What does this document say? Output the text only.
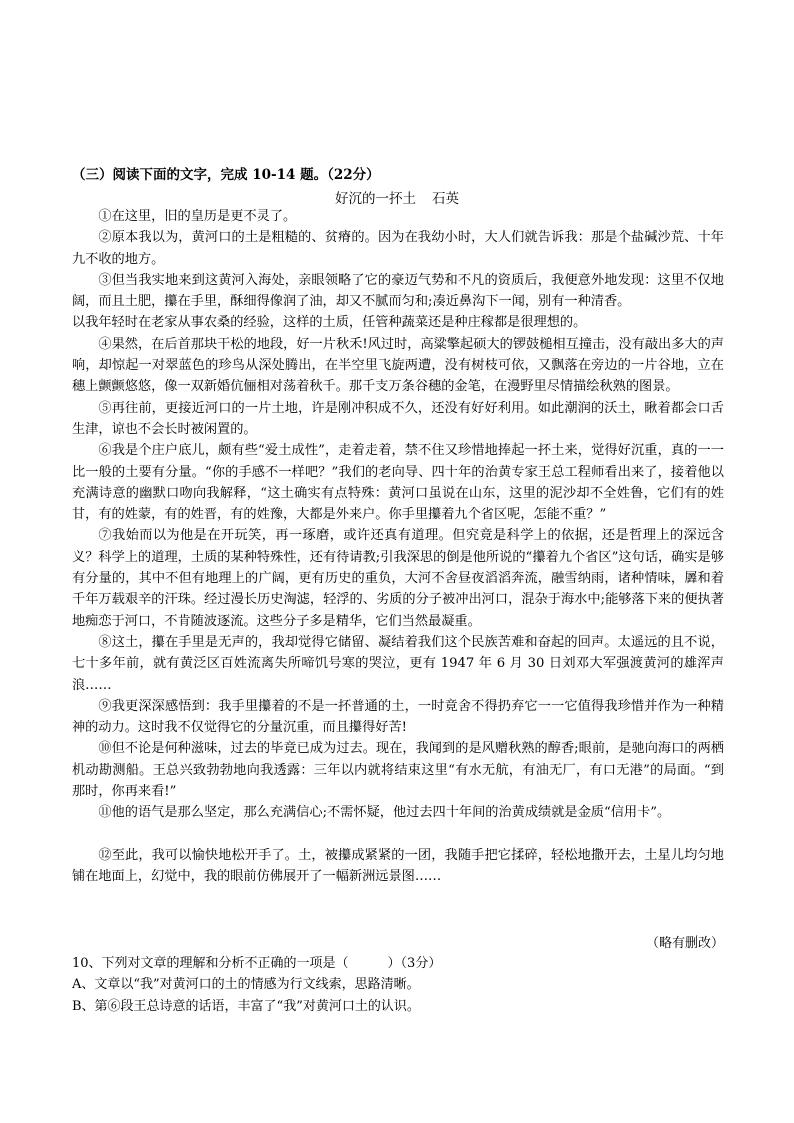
（三）阅读下面的文字，完成 10-14 题。（22分）
好沉的一抔土 石英

①在这里，旧的皇历是更不灵了。

②原本我以为，黄河口的土是粗糙的、贫瘠的。因为在我幼小时，大人们就告诉我：那是个盐碱沙荒、十年九不收的地方。

③但当我实地来到这黄河入海处，亲眼领略了它的豪迈气势和不凡的资质后，我便意外地发现：这里不仅地阔，而且土肥，攥在手里，酥细得像润了油，却又不腻而匀和;凑近鼻沟下一闻，别有一种清香。

以我年轻时在老家从事农桑的经验，这样的土质，任管种蔬菜还是种庄稼都是很理想的。

④果然，在后首那块干松的地段，好一片秋禾!风过时，高粱擎起硕大的锣鼓槌相互撞击，没有敲出多大的声响，却惊起一对翠蓝色的珍鸟从深处腾出，在半空里飞旋两遭，没有树枝可依，又飘落在旁边的一片谷地，立在穗上颤颤悠悠，像一双新婚伉俪相对荡着秋千。那千支万条谷穗的金笔，在漫野里尽情描绘秋熟的图景。

⑤再往前，更接近河口的一片土地，许是刚冲积成不久，还没有好好利用。如此潮润的沃土，瞅着都会口舌生津，谅也不会长时被闲置的。

⑥我是个庄户底儿，颇有些“爱土成性”，走着走着，禁不住又珍惜地捧起一抔土来，觉得好沉重，真的一一比一般的土要有分量。“你的手感不一样吧？”我们的老向导、四十年的治黄专家王总工程师看出来了，接着他以充满诗意的幽默口吻向我解释，“这土确实有点特殊：黄河口虽说在山东，这里的泥沙却不全姓鲁，它们有的姓甘，有的姓蒙，有的姓晋，有的姓豫，大都是外来户。你手里攥着九个省区呢，怎能不重？”

⑦我始而以为他是在开玩笑，再一琢磨，或许还真有道理。但究竟是科学上的依据，还是哲理上的深远含义？科学上的道理，土质的某种特殊性，还有待请教;引我深思的倒是他所说的“攥着九个省区”这句话，确实是够有分量的，其中不但有地理上的广阔，更有历史的重负，大河不舍昼夜滔滔奔流，融雪纳雨，诸种情味，羼和着千年万载艰辛的汗珠。经过漫长历史淘滤，轻浮的、劣质的分子被冲出河口，混杂于海水中;能够落下来的便执著地痴恋于河口，不肯随波逐流。这些分子多是精华，它们当然最凝重。

⑧这土，攥在手里是无声的，我却觉得它储留、凝结着我们这个民族苦难和奋起的回声。太遥远的且不说，七十多年前，就有黄泛区百姓流离失所啼饥号寒的哭泣，更有 1947 年 6 月 30 日刘邓大军强渡黄河的雄浑声浪……

⑨我更深深感悟到：我手里攥着的不是一抔普通的土，一时竟舍不得扔弃它一一它值得我珍惜并作为一种精神的动力。这时我不仅觉得它的分量沉重，而且攥得好苦!

⑩但不论是何种滋味，过去的毕竟已成为过去。现在，我闻到的是风赠秋熟的醇香;眼前，是驰向海口的两栖机动勘测船。王总兴致勃勃地向我透露：三年以内就将结束这里“有水无航，有油无厂，有口无港”的局面。“到那时，你再来看!”

⑪他的语气是那么坚定，那么充满信心;不需怀疑，他过去四十年间的治黄成绩就是金质“信用卡”。

⑫至此，我可以愉快地松开手了。土，被攥成紧紧的一团，我随手把它揉碎，轻松地撒开去，土星儿均匀地铺在地面上，幻觉中，我的眼前仿佛展开了一幅新洲远景图……

（略有删改）
10、下列对文章的理解和分析不正确的一项是（　　　）（3分）
A、文章以“我”对黄河口的土的情感为行文线索，思路清晰。
B、第⑥段王总诗意的话语，丰富了“我”对黄河口土的认识。
